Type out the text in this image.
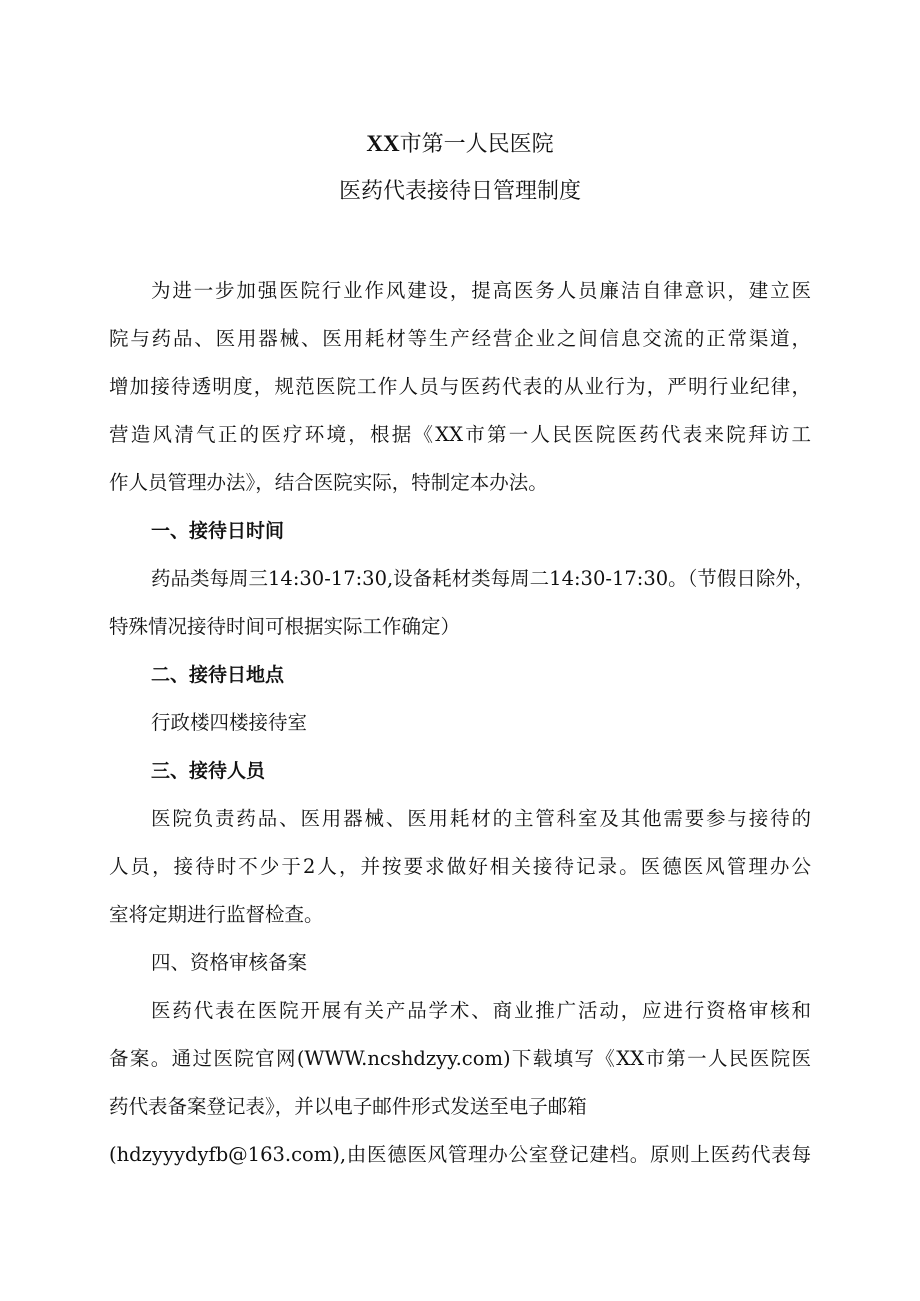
XX市第一人民医院
医药代表接待日管理制度
为进一步加强医院行业作风建设，提高医务人员廉洁自律意识，建立医
院与药品、医用器械、医用耗材等生产经营企业之间信息交流的正常渠道，
增加接待透明度，规范医院工作人员与医药代表的从业行为，严明行业纪律，
营造风清气正的医疗环境，根据《XX市第一人民医院医药代表来院拜访工
作人员管理办法》，结合医院实际，特制定本办法。
一、接待日时间
药品类每周三14:30-17:30,设备耗材类每周二14:30-17:30。（节假日除外，
特殊情况接待时间可根据实际工作确定）
二、接待日地点
行政楼四楼接待室
三、接待人员
医院负责药品、医用器械、医用耗材的主管科室及其他需要参与接待的
人员，接待时不少于2人，并按要求做好相关接待记录。医德医风管理办公
室将定期进行监督检查。
四、资格审核备案
医药代表在医院开展有关产品学术、商业推广活动，应进行资格审核和
备案。通过医院官网(WWW.ncshdzyy.com)下载填写《XX市第一人民医院医
药代表备案登记表》，并以电子邮件形式发送至电子邮箱
(hdzyyydyfb@163.com),由医德医风管理办公室登记建档。原则上医药代表每
